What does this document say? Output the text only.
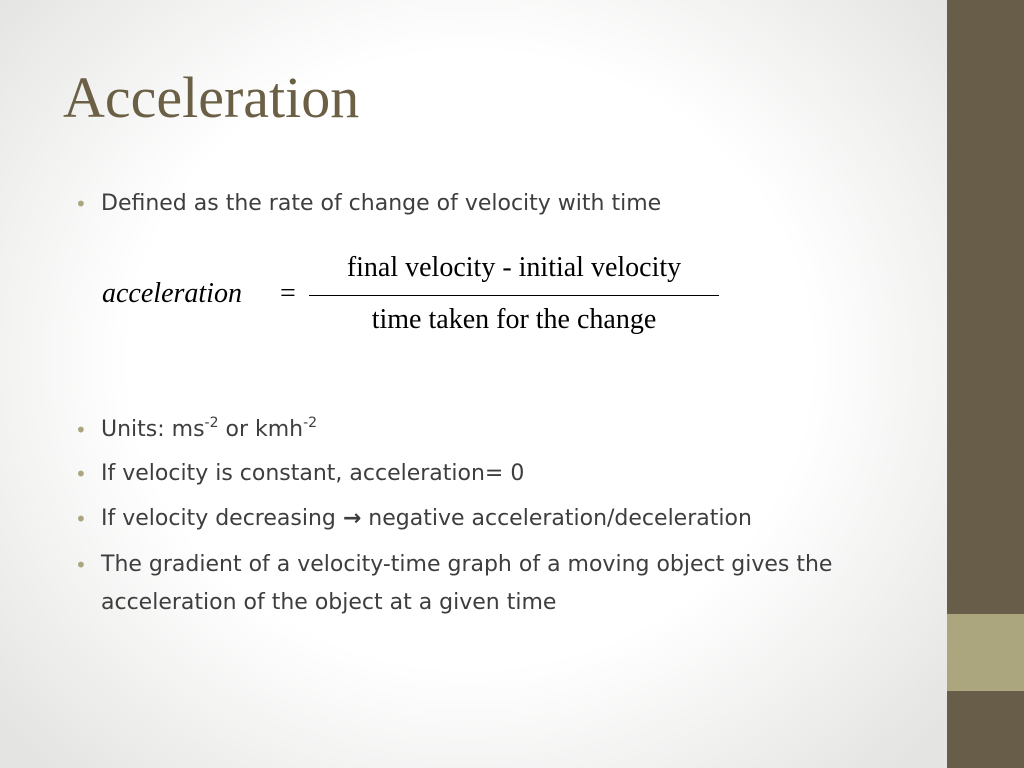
Acceleration
• Defined as the rate of change of velocity with time
acceleration =
final velocity - initial velocity
time taken for the change
• Units: $ms^{-2}$ or kmh$^{-2}$
• If velocity is constant, acceleration= 0
• If velocity decreasing → negative acceleration/deceleration
• The gradient of a velocity-time graph of a moving object gives the acceleration of the object at a given time
